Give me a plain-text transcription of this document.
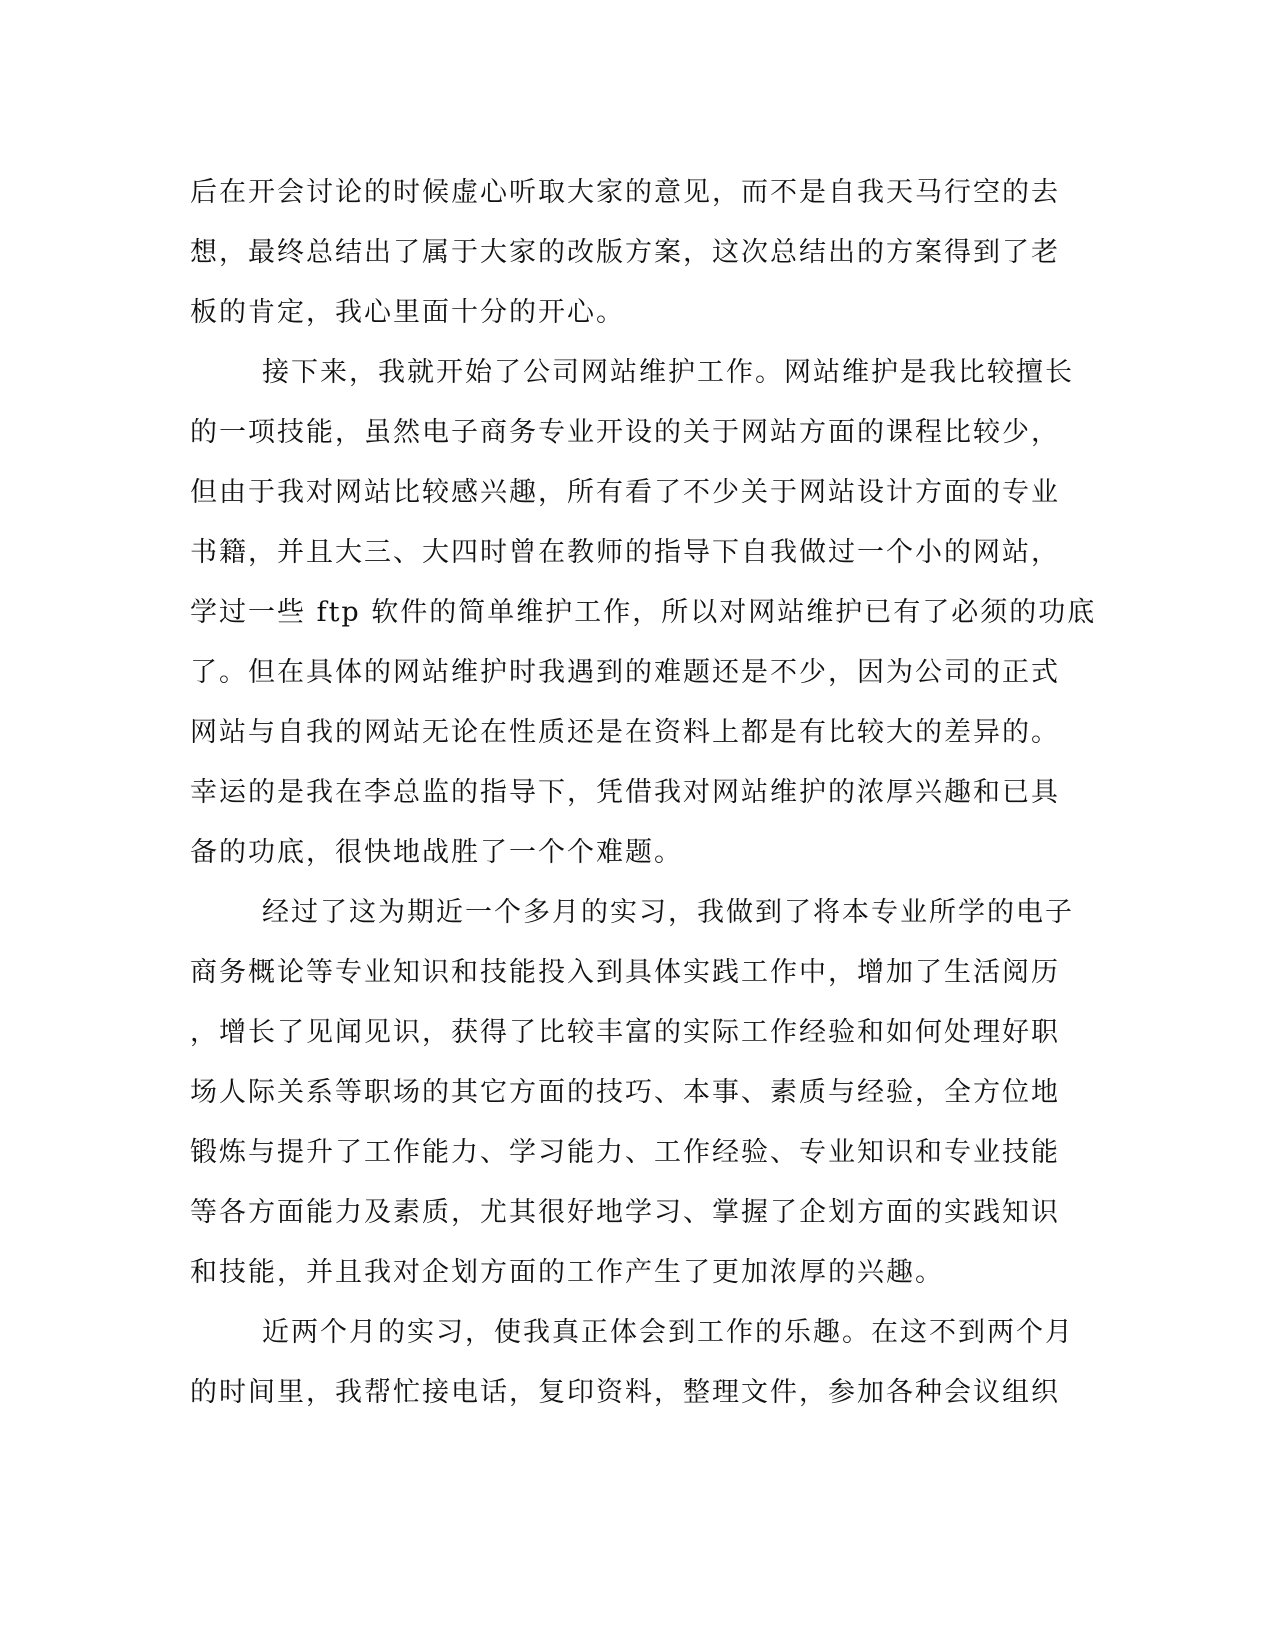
后在开会讨论的时候虚心听取大家的意见，而不是自我天马行空的去
想，最终总结出了属于大家的改版方案，这次总结出的方案得到了老
板的肯定，我心里面十分的开心。
接下来，我就开始了公司网站维护工作。网站维护是我比较擅长
的一项技能，虽然电子商务专业开设的关于网站方面的课程比较少，
但由于我对网站比较感兴趣，所有看了不少关于网站设计方面的专业
书籍，并且大三、大四时曾在教师的指导下自我做过一个小的网站，
学过一些 ftp 软件的简单维护工作，所以对网站维护已有了必须的功底
了。但在具体的网站维护时我遇到的难题还是不少，因为公司的正式
网站与自我的网站无论在性质还是在资料上都是有比较大的差异的。
幸运的是我在李总监的指导下，凭借我对网站维护的浓厚兴趣和已具
备的功底，很快地战胜了一个个难题。
经过了这为期近一个多月的实习，我做到了将本专业所学的电子
商务概论等专业知识和技能投入到具体实践工作中，增加了生活阅历
，增长了见闻见识，获得了比较丰富的实际工作经验和如何处理好职
场人际关系等职场的其它方面的技巧、本事、素质与经验，全方位地
锻炼与提升了工作能力、学习能力、工作经验、专业知识和专业技能
等各方面能力及素质，尤其很好地学习、掌握了企划方面的实践知识
和技能，并且我对企划方面的工作产生了更加浓厚的兴趣。
近两个月的实习，使我真正体会到工作的乐趣。在这不到两个月
的时间里，我帮忙接电话，复印资料，整理文件，参加各种会议组织
